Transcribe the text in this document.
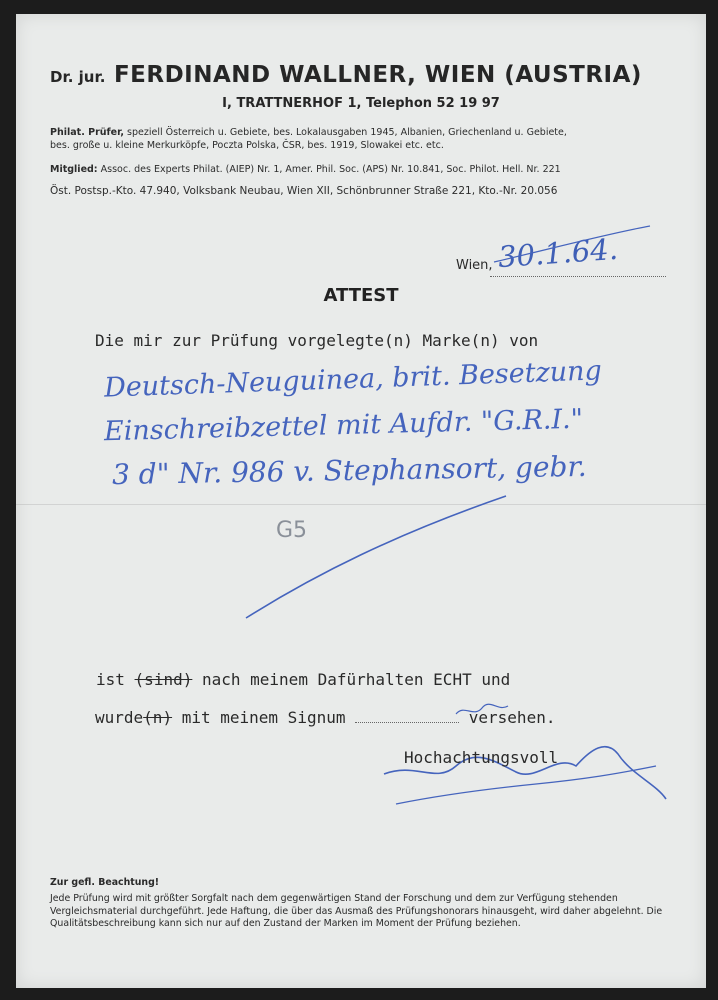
Dr. jur. FERDINAND WALLNER, WIEN (AUSTRIA)
I, TRATTNERHOF 1, Telephon 52 19 97
Philat. Prüfer, speziell Österreich u. Gebiete, bes. Lokalausgaben 1945, Albanien, Griechenland u. Gebiete,
bes. große u. kleine Merkurköpfe, Poczta Polska, ČSR, bes. 1919, Slowakei etc. etc.
Mitglied: Assoc. des Experts Philat. (AIEP) Nr. 1, Amer. Phil. Soc. (APS) Nr. 10.841, Soc. Philot. Hell. Nr. 221
Öst. Postsp.-Kto. 47.940, Volksbank Neubau, Wien XII, Schönbrunner Straße 221, Kto.-Nr. 20.056
Wien, 30.1.64.
ATTEST
Die mir zur Prüfung vorgelegte(n) Marke(n) von
Deutsch-Neuguinea, brit. Besetzung
Einschreibzettel mit Aufdr. "G.R.I."
3 d" Nr. 986 v. Stephansort, gebr.
G5
ist (sind) nach meinem Dafürhalten ECHT und
wurde(n) mit meinem Signum	versehen.
Hochachtungsvoll
Zur gefl. Beachtung!
Jede Prüfung wird mit größter Sorgfalt nach dem gegenwärtigen Stand der Forschung und dem zur Verfügung stehenden Vergleichsmaterial durchgeführt. Jede Haftung, die über das Ausmaß des Prüfungshonorars hinausgeht, wird daher abgelehnt. Die Qualitätsbeschreibung kann sich nur auf den Zustand der Marken im Moment der Prüfung beziehen.
